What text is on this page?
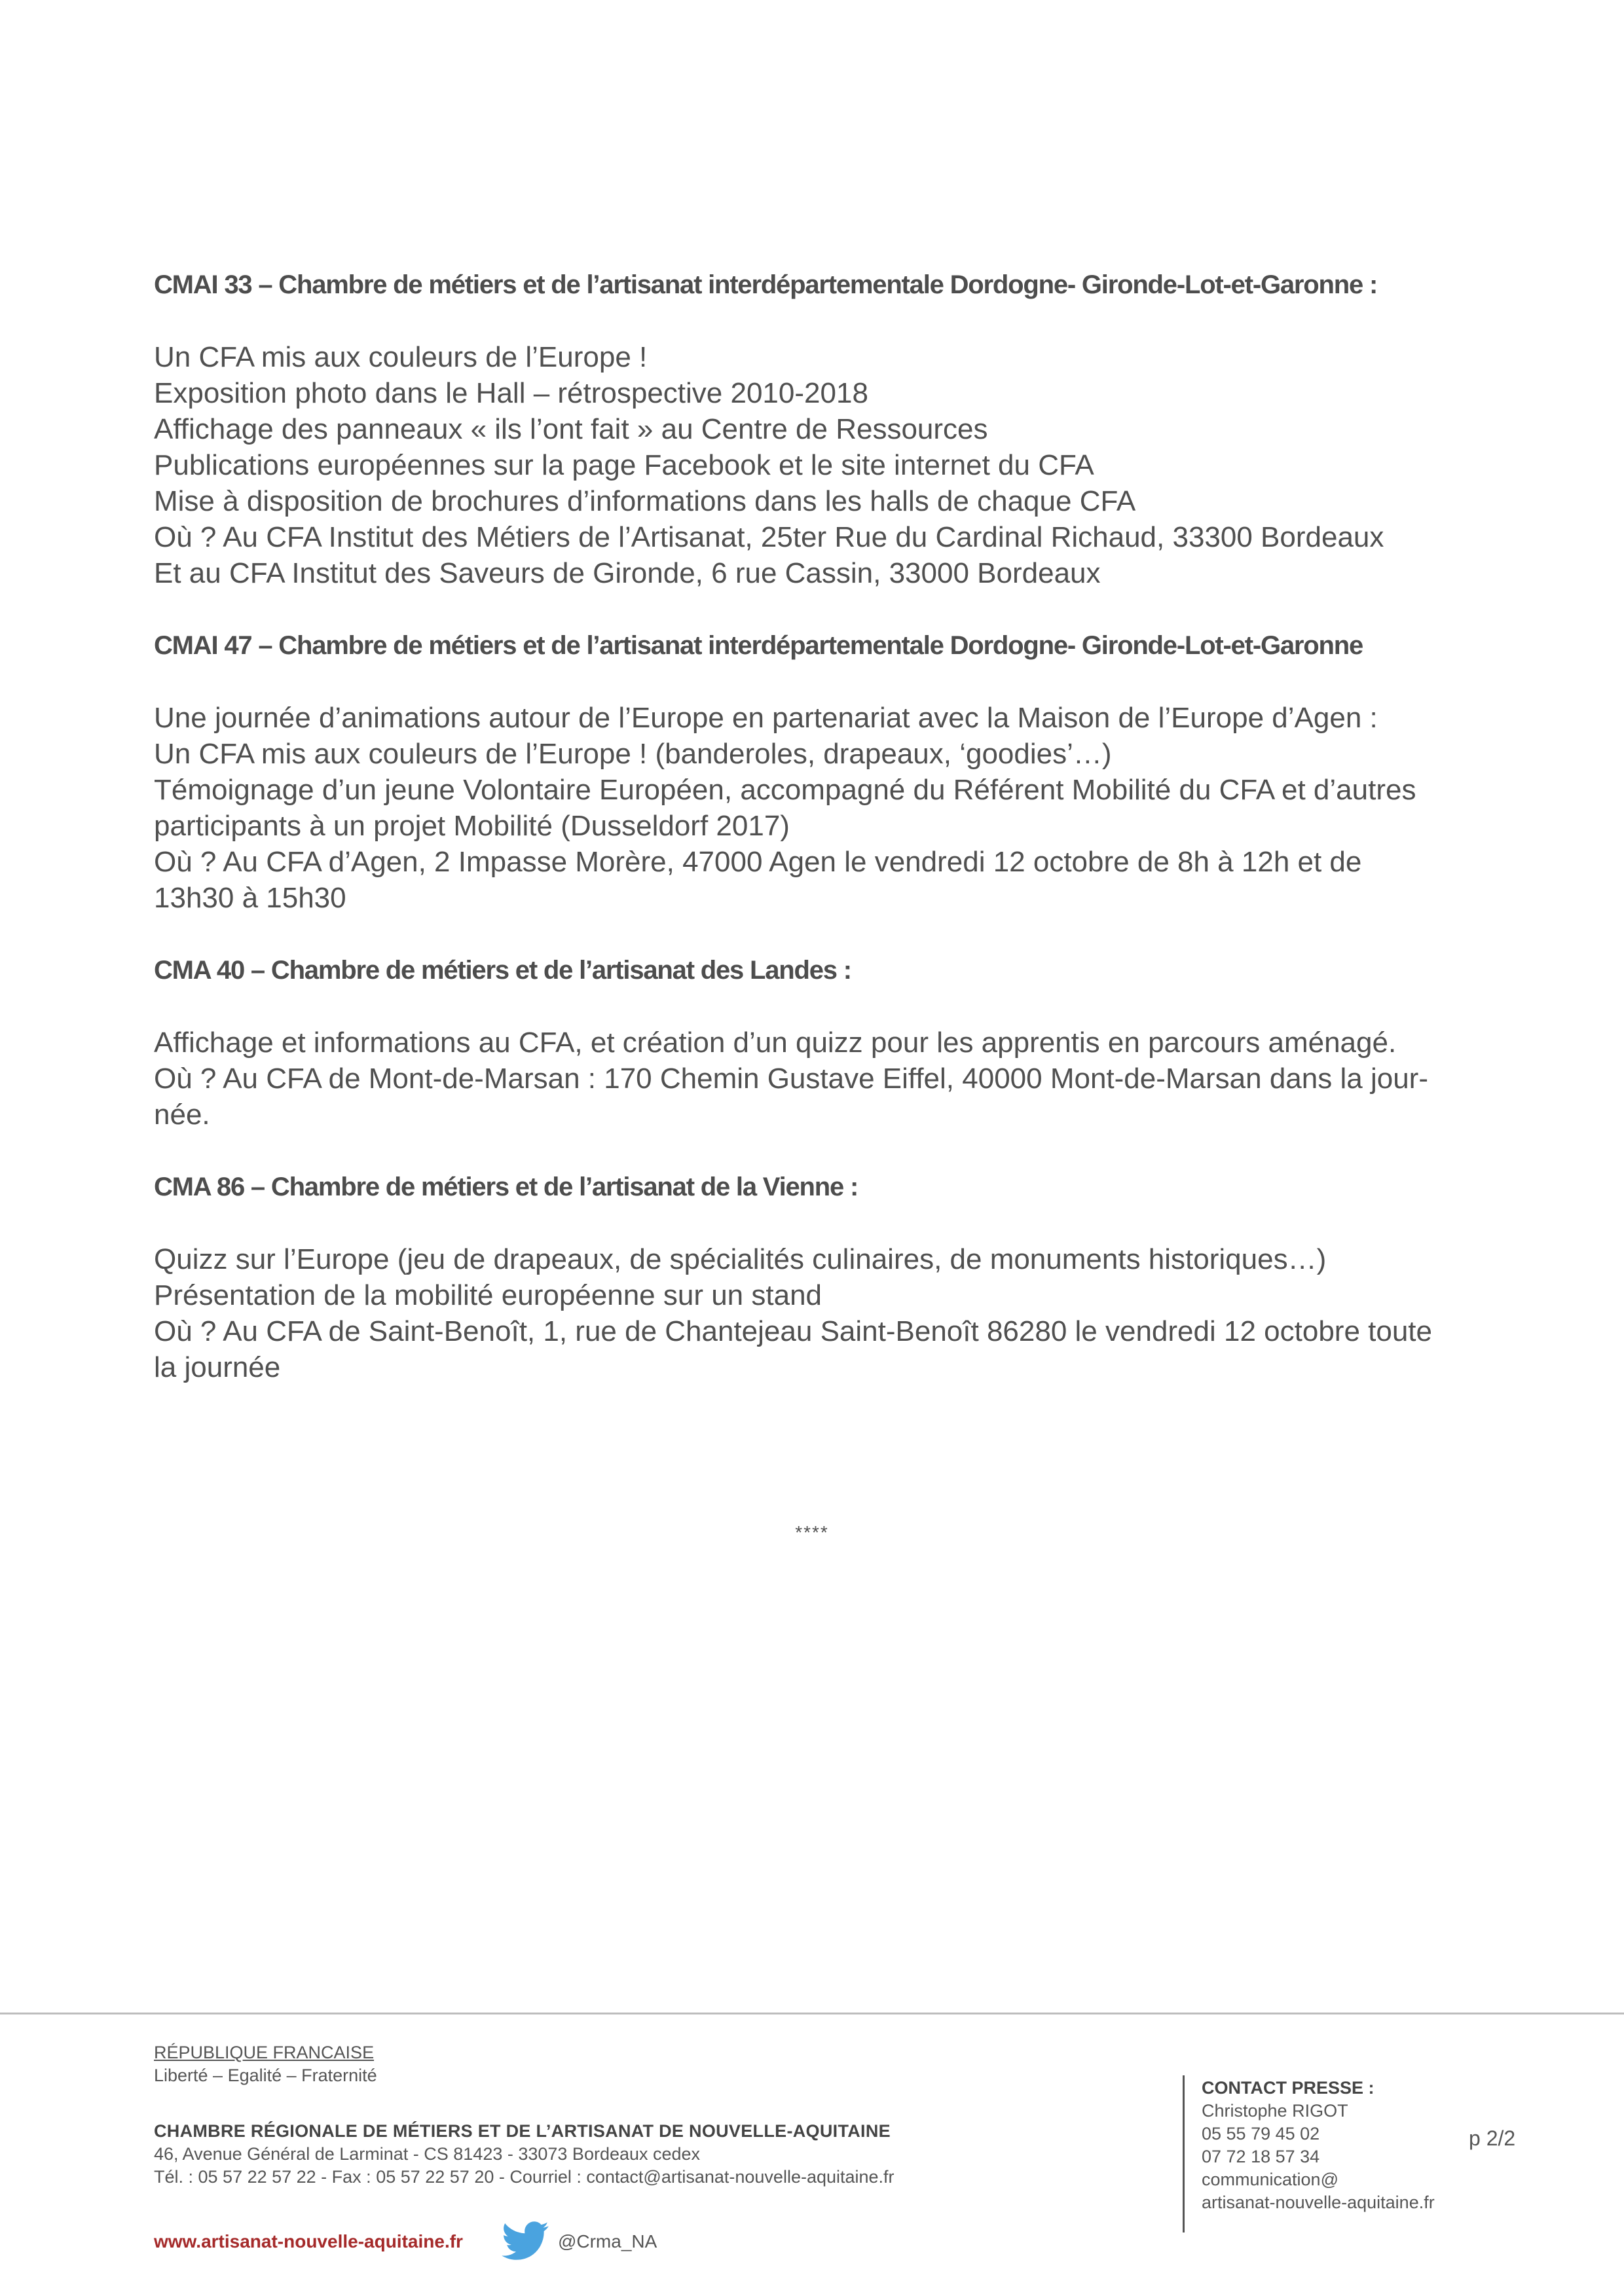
CMAI 33 – Chambre de métiers et de l’artisanat interdépartementale Dordogne- Gironde-Lot-et-Garonne :

Un CFA mis aux couleurs de l’Europe !

Exposition photo dans le Hall – rétrospective 2010-2018

Affichage des panneaux « ils l’ont fait » au Centre de Ressources

Publications européennes sur la page Facebook et le site internet du CFA

Mise à disposition de brochures d’informations dans les halls de chaque CFA

Où ? Au CFA Institut des Métiers de l’Artisanat, 25ter Rue du Cardinal Richaud, 33300 Bordeaux

Et au CFA Institut des Saveurs de Gironde, 6 rue Cassin, 33000 Bordeaux

CMAI 47 – Chambre de métiers et de l’artisanat interdépartementale Dordogne- Gironde-Lot-et-Garonne

Une journée d’animations autour de l’Europe en partenariat avec la Maison de l’Europe d’Agen :

Un CFA mis aux couleurs de l’Europe ! (banderoles, drapeaux, ‘goodies’…)

Témoignage d’un jeune Volontaire Européen, accompagné du Référent Mobilité du CFA et d’autres

participants à un projet Mobilité (Dusseldorf 2017)

Où ? Au CFA d’Agen, 2 Impasse Morère, 47000 Agen le vendredi 12 octobre de 8h à 12h et de

13h30 à 15h30

CMA 40 – Chambre de métiers et de l’artisanat des Landes :

Affichage et informations au CFA, et création d’un quizz pour les apprentis en parcours aménagé.

Où ? Au CFA de Mont-de-Marsan : 170 Chemin Gustave Eiffel, 40000 Mont-de-Marsan dans la jour-

née.

CMA 86 – Chambre de métiers et de l’artisanat de la Vienne :

Quizz sur l’Europe (jeu de drapeaux, de spécialités culinaires, de monuments historiques…)

Présentation de la mobilité européenne sur un stand

Où ? Au CFA de Saint-Benoît, 1, rue de Chantejeau Saint-Benoît 86280 le vendredi 12 octobre toute

la journée

****

RÉPUBLIQUE FRANCAISE

Liberté – Egalité – Fraternité

CHAMBRE RÉGIONALE DE MÉTIERS ET DE L’ARTISANAT DE NOUVELLE-AQUITAINE

46, Avenue Général de Larminat - CS 81423 - 33073 Bordeaux cedex

Tél. : 05 57 22 57 22 - Fax : 05 57 22 57 20 - Courriel : contact@artisanat-nouvelle-aquitaine.fr

www.artisanat-nouvelle-aquitaine.fr	@Crma_NA

CONTACT PRESSE :

Christophe RIGOT

05 55 79 45 02

07 72 18 57 34

communication@

artisanat-nouvelle-aquitaine.fr

p 2/2
